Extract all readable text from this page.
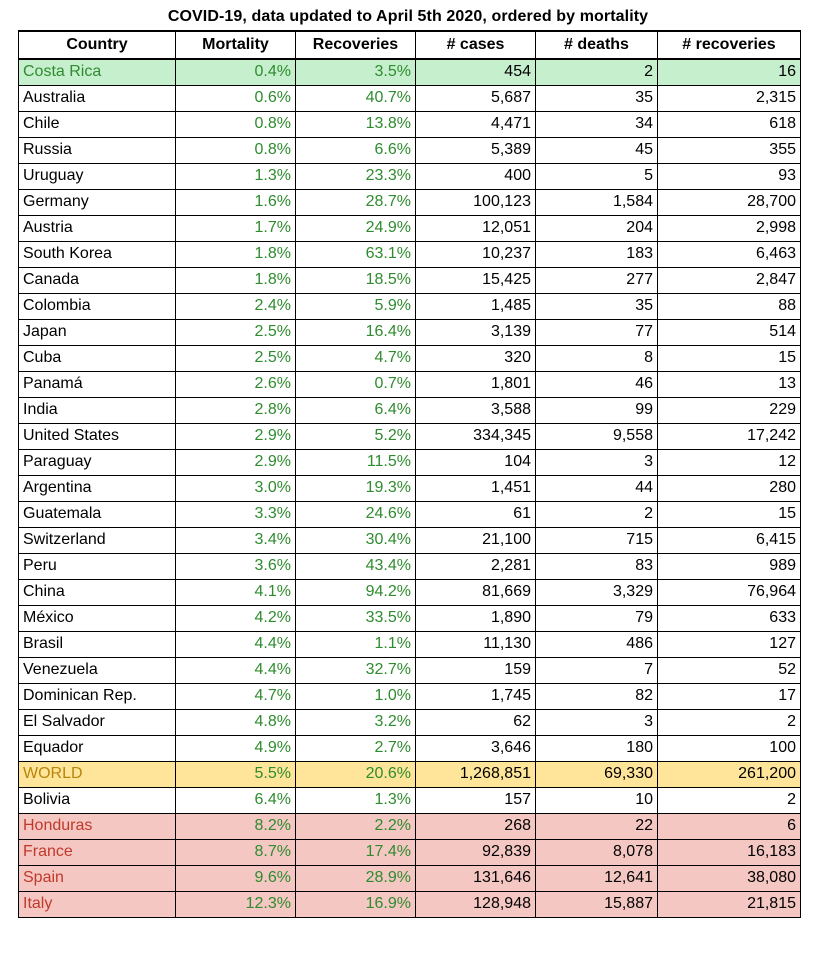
COVID-19, data updated to April 5th 2020, ordered by mortality
Country	Mortality	Recoveries	# cases	# deaths	# recoveries
Costa Rica	0.4%	3.5%	454	2	16
Australia	0.6%	40.7%	5,687	35	2,315
Chile	0.8%	13.8%	4,471	34	618
Russia	0.8%	6.6%	5,389	45	355
Uruguay	1.3%	23.3%	400	5	93
Germany	1.6%	28.7%	100,123	1,584	28,700
Austria	1.7%	24.9%	12,051	204	2,998
South Korea	1.8%	63.1%	10,237	183	6,463
Canada	1.8%	18.5%	15,425	277	2,847
Colombia	2.4%	5.9%	1,485	35	88
Japan	2.5%	16.4%	3,139	77	514
Cuba	2.5%	4.7%	320	8	15
Panamá	2.6%	0.7%	1,801	46	13
India	2.8%	6.4%	3,588	99	229
United States	2.9%	5.2%	334,345	9,558	17,242
Paraguay	2.9%	11.5%	104	3	12
Argentina	3.0%	19.3%	1,451	44	280
Guatemala	3.3%	24.6%	61	2	15
Switzerland	3.4%	30.4%	21,100	715	6,415
Peru	3.6%	43.4%	2,281	83	989
China	4.1%	94.2%	81,669	3,329	76,964
México	4.2%	33.5%	1,890	79	633
Brasil	4.4%	1.1%	11,130	486	127
Venezuela	4.4%	32.7%	159	7	52
Dominican Rep.	4.7%	1.0%	1,745	82	17
El Salvador	4.8%	3.2%	62	3	2
Equador	4.9%	2.7%	3,646	180	100
WORLD	5.5%	20.6%	1,268,851	69,330	261,200
Bolivia	6.4%	1.3%	157	10	2
Honduras	8.2%	2.2%	268	22	6
France	8.7%	17.4%	92,839	8,078	16,183
Spain	9.6%	28.9%	131,646	12,641	38,080
Italy	12.3%	16.9%	128,948	15,887	21,815
